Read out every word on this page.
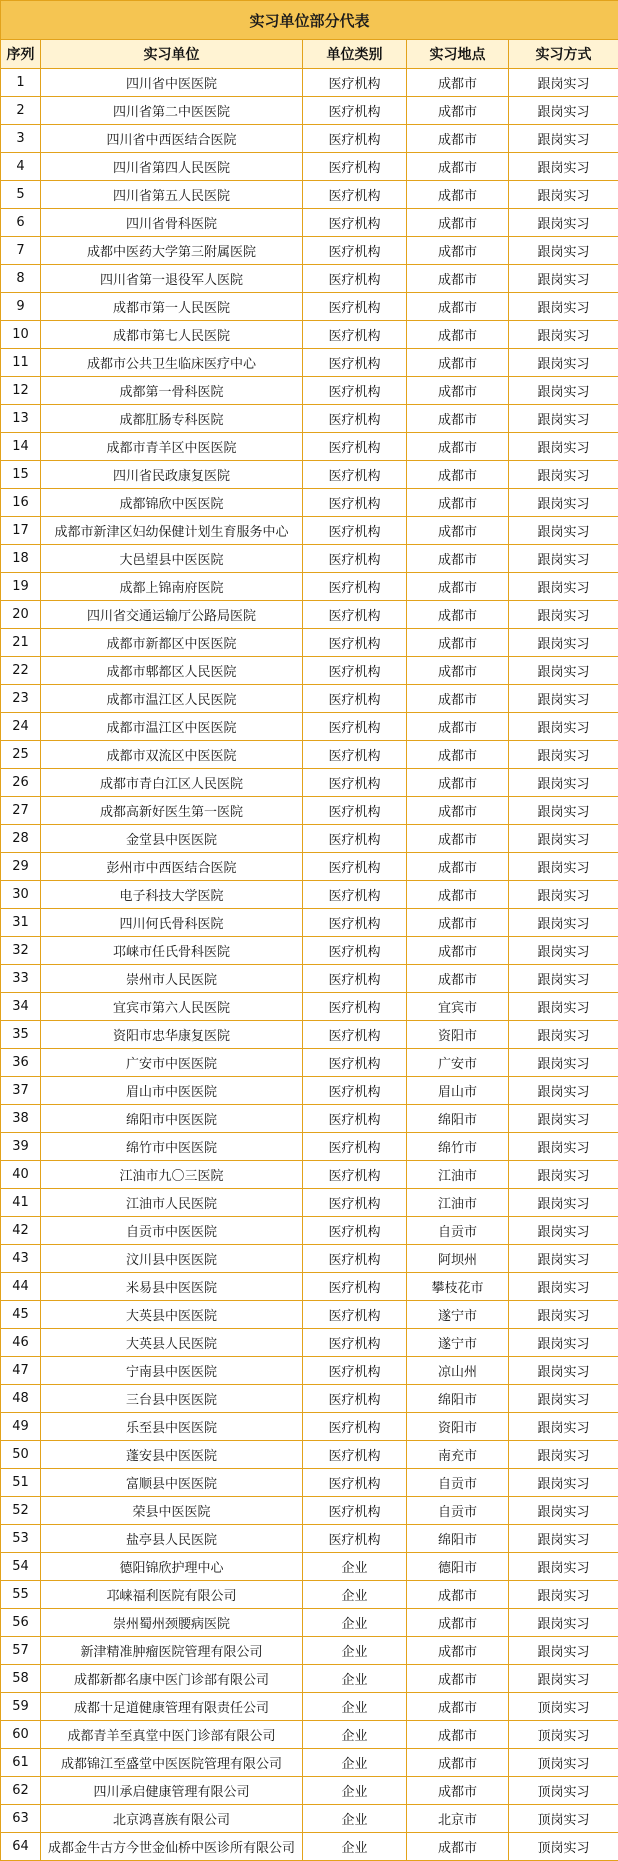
实习单位部分代表				
序列	实习单位	单位类别	实习地点	实习方式
1	四川省中医医院	医疗机构	成都市	跟岗实习
2	四川省第二中医医院	医疗机构	成都市	跟岗实习
3	四川省中西医结合医院	医疗机构	成都市	跟岗实习
4	四川省第四人民医院	医疗机构	成都市	跟岗实习
5	四川省第五人民医院	医疗机构	成都市	跟岗实习
6	四川省骨科医院	医疗机构	成都市	跟岗实习
7	成都中医药大学第三附属医院	医疗机构	成都市	跟岗实习
8	四川省第一退役军人医院	医疗机构	成都市	跟岗实习
9	成都市第一人民医院	医疗机构	成都市	跟岗实习
10	成都市第七人民医院	医疗机构	成都市	跟岗实习
11	成都市公共卫生临床医疗中心	医疗机构	成都市	跟岗实习
12	成都第一骨科医院	医疗机构	成都市	跟岗实习
13	成都肛肠专科医院	医疗机构	成都市	跟岗实习
14	成都市青羊区中医医院	医疗机构	成都市	跟岗实习
15	四川省民政康复医院	医疗机构	成都市	跟岗实习
16	成都锦欣中医医院	医疗机构	成都市	跟岗实习
17	成都市新津区妇幼保健计划生育服务中心	医疗机构	成都市	跟岗实习
18	大邑望县中医医院	医疗机构	成都市	跟岗实习
19	成都上锦南府医院	医疗机构	成都市	跟岗实习
20	四川省交通运输厅公路局医院	医疗机构	成都市	跟岗实习
21	成都市新都区中医医院	医疗机构	成都市	跟岗实习
22	成都市郫都区人民医院	医疗机构	成都市	跟岗实习
23	成都市温江区人民医院	医疗机构	成都市	跟岗实习
24	成都市温江区中医医院	医疗机构	成都市	跟岗实习
25	成都市双流区中医医院	医疗机构	成都市	跟岗实习
26	成都市青白江区人民医院	医疗机构	成都市	跟岗实习
27	成都高新好医生第一医院	医疗机构	成都市	跟岗实习
28	金堂县中医医院	医疗机构	成都市	跟岗实习
29	彭州市中西医结合医院	医疗机构	成都市	跟岗实习
30	电子科技大学医院	医疗机构	成都市	跟岗实习
31	四川何氏骨科医院	医疗机构	成都市	跟岗实习
32	邛崃市任氏骨科医院	医疗机构	成都市	跟岗实习
33	崇州市人民医院	医疗机构	成都市	跟岗实习
34	宜宾市第六人民医院	医疗机构	宜宾市	跟岗实习
35	资阳市忠华康复医院	医疗机构	资阳市	跟岗实习
36	广安市中医医院	医疗机构	广安市	跟岗实习
37	眉山市中医医院	医疗机构	眉山市	跟岗实习
38	绵阳市中医医院	医疗机构	绵阳市	跟岗实习
39	绵竹市中医医院	医疗机构	绵竹市	跟岗实习
40	江油市九〇三医院	医疗机构	江油市	跟岗实习
41	江油市人民医院	医疗机构	江油市	跟岗实习
42	自贡市中医医院	医疗机构	自贡市	跟岗实习
43	汶川县中医医院	医疗机构	阿坝州	跟岗实习
44	米易县中医医院	医疗机构	攀枝花市	跟岗实习
45	大英县中医医院	医疗机构	遂宁市	跟岗实习
46	大英县人民医院	医疗机构	遂宁市	跟岗实习
47	宁南县中医医院	医疗机构	凉山州	跟岗实习
48	三台县中医医院	医疗机构	绵阳市	跟岗实习
49	乐至县中医医院	医疗机构	资阳市	跟岗实习
50	蓬安县中医医院	医疗机构	南充市	跟岗实习
51	富顺县中医医院	医疗机构	自贡市	跟岗实习
52	荣县中医医院	医疗机构	自贡市	跟岗实习
53	盐亭县人民医院	医疗机构	绵阳市	跟岗实习
54	德阳锦欣护理中心	企业	德阳市	跟岗实习
55	邛崃福利医院有限公司	企业	成都市	跟岗实习
56	崇州蜀州颈腰病医院	企业	成都市	跟岗实习
57	新津精准肿瘤医院管理有限公司	企业	成都市	跟岗实习
58	成都新都名康中医门诊部有限公司	企业	成都市	跟岗实习
59	成都十足道健康管理有限责任公司	企业	成都市	顶岗实习
60	成都青羊至真堂中医门诊部有限公司	企业	成都市	顶岗实习
61	成都锦江至盛堂中医医院管理有限公司	企业	成都市	顶岗实习
62	四川承启健康管理有限公司	企业	成都市	顶岗实习
63	北京鸿喜族有限公司	企业	北京市	顶岗实习
64	成都金牛古方今世金仙桥中医诊所有限公司	企业	成都市	顶岗实习
